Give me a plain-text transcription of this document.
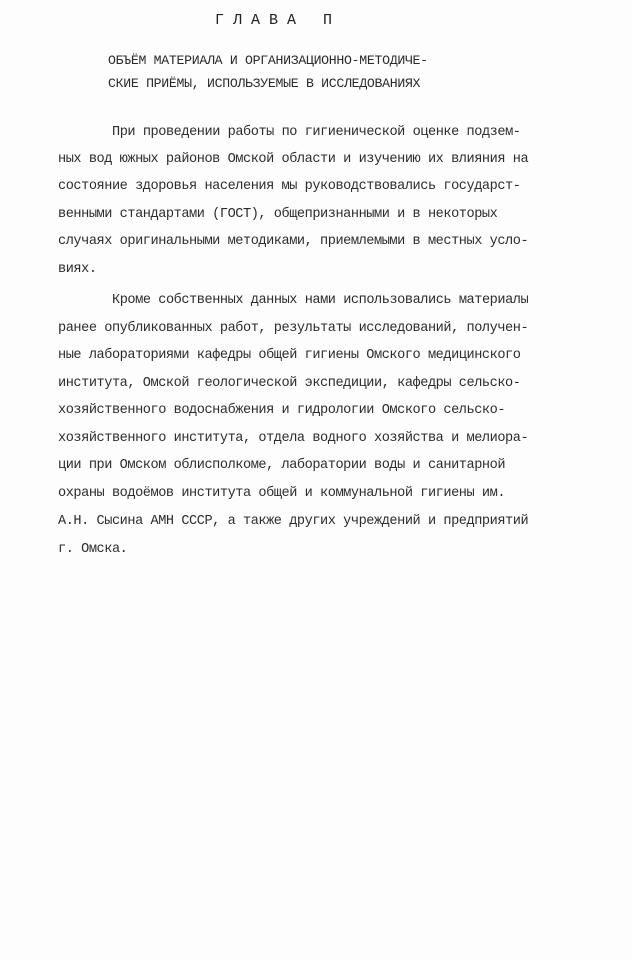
ГЛАВА П
ОБЪЁМ МАТЕРИАЛА И ОРГАНИЗАЦИОННО-МЕТОДИЧЕ-
СКИЕ ПРИЁМЫ, ИСПОЛЬЗУЕМЫЕ В ИССЛЕДОВАНИЯХ
При проведении работы по гигиенической оценке подзем-
ных вод южных районов Омской области и изучению их влияния на
состояние здоровья населения мы руководствовались государст-
венными стандартами (ГОСТ), общепризнанными и в некоторых
случаях оригинальными методиками, приемлемыми в местных усло-
виях.
Кроме собственных данных нами использовались материалы
ранее опубликованных работ, результаты исследований, получен-
ные лабораториями кафедры общей гигиены Омского медицинского
института, Омской геологической экспедиции, кафедры сельско-
хозяйственного водоснабжения и гидрологии Омского сельско-
хозяйственного института, отдела водного хозяйства и мелиора-
ции при Омском облисполкоме, лаборатории воды и санитарной
охраны водоёмов института общей и коммунальной гигиены им.
А.Н. Сысина АМН СССР, а также других учреждений и предприятий
г. Омска.
